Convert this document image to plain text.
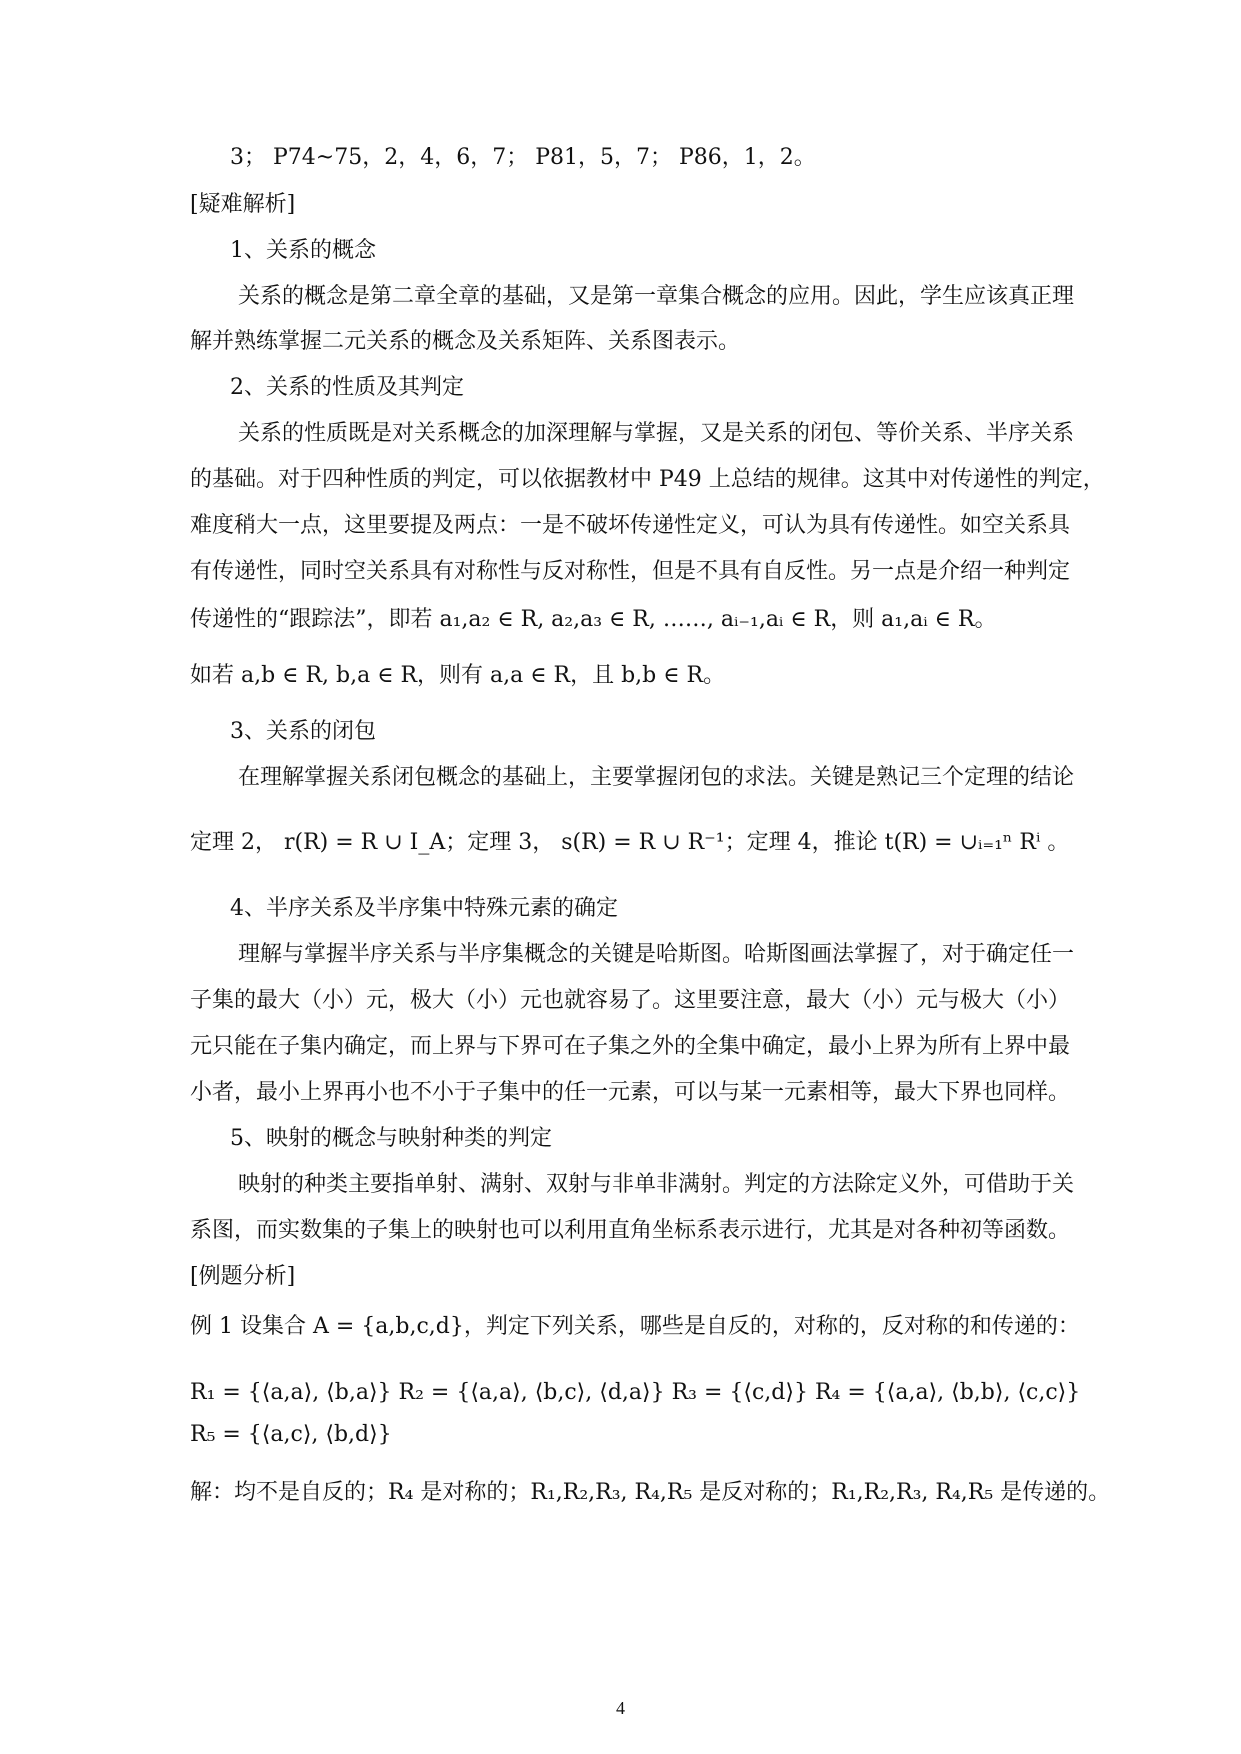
3； P74~75，2，4，6，7； P81，5，7； P86，1，2。
[疑难解析]
1、关系的概念
关系的概念是第二章全章的基础，又是第一章集合概念的应用。因此，学生应该真正理
解并熟练掌握二元关系的概念及关系矩阵、关系图表示。
2、关系的性质及其判定
关系的性质既是对关系概念的加深理解与掌握，又是关系的闭包、等价关系、半序关系
的基础。对于四种性质的判定，可以依据教材中 P49 上总结的规律。这其中对传递性的判定，
难度稍大一点，这里要提及两点：一是不破坏传递性定义，可认为具有传递性。如空关系具
有传递性，同时空关系具有对称性与反对称性，但是不具有自反性。另一点是介绍一种判定
传递性的“跟踪法”，即若 a₁,a₂ ∈ R, a₂,a₃ ∈ R, ……, aᵢ₋₁,aᵢ ∈ R，则 a₁,aᵢ ∈ R。
如若 a,b ∈ R, b,a ∈ R，则有 a,a ∈ R，且 b,b ∈ R。
3、关系的闭包
在理解掌握关系闭包概念的基础上，主要掌握闭包的求法。关键是熟记三个定理的结论
定理 2， r(R) = R ∪ I_A；定理 3， s(R) = R ∪ R⁻¹；定理 4，推论 t(R) = ∪ᵢ₌₁ⁿ Rⁱ 。
4、半序关系及半序集中特殊元素的确定
理解与掌握半序关系与半序集概念的关键是哈斯图。哈斯图画法掌握了，对于确定任一
子集的最大（小）元，极大（小）元也就容易了。这里要注意，最大（小）元与极大（小）
元只能在子集内确定，而上界与下界可在子集之外的全集中确定，最小上界为所有上界中最
小者，最小上界再小也不小于子集中的任一元素，可以与某一元素相等，最大下界也同样。
5、映射的概念与映射种类的判定
映射的种类主要指单射、满射、双射与非单非满射。判定的方法除定义外，可借助于关
系图，而实数集的子集上的映射也可以利用直角坐标系表示进行，尤其是对各种初等函数。
[例题分析]
例 1 设集合 A = {a,b,c,d}，判定下列关系，哪些是自反的，对称的，反对称的和传递的：
R₁ = {⟨a,a⟩, ⟨b,a⟩} R₂ = {⟨a,a⟩, ⟨b,c⟩, ⟨d,a⟩} R₃ = {⟨c,d⟩} R₄ = {⟨a,a⟩, ⟨b,b⟩, ⟨c,c⟩}
R₅ = {⟨a,c⟩, ⟨b,d⟩}
解：均不是自反的；R₄ 是对称的；R₁,R₂,R₃, R₄,R₅ 是反对称的；R₁,R₂,R₃, R₄,R₅ 是传递的。
4
